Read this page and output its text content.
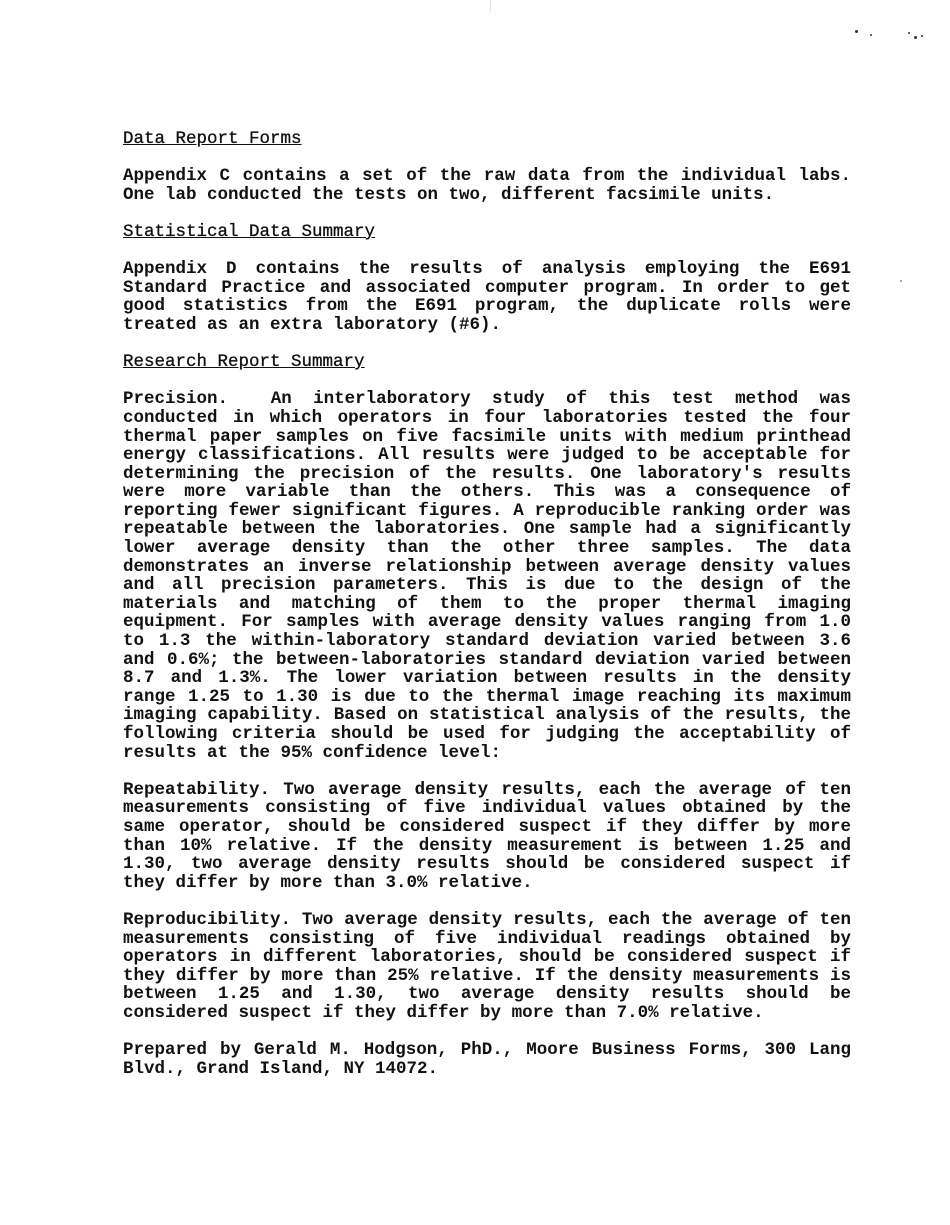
Data Report Forms
Appendix C contains a set of the raw data from the individual labs. One lab conducted the tests on two, different facsimile units.
Statistical Data Summary
Appendix D contains the results of analysis employing the E691 Standard Practice and associated computer program. In order to get good statistics from the E691 program, the duplicate rolls were treated as an extra laboratory (#6).
Research Report Summary
Precision.  An interlaboratory study of this test method was conducted in which operators in four laboratories tested the four thermal paper samples on five facsimile units with medium printhead energy classifications. All results were judged to be acceptable for determining the precision of the results. One laboratory's results were more variable than the others. This was a consequence of reporting fewer significant figures. A reproducible ranking order was repeatable between the laboratories. One sample had a significantly lower average density than the other three samples. The data demonstrates an inverse relationship between average density values and all precision parameters. This is due to the design of the materials and matching of them to the proper thermal imaging equipment. For samples with average density values ranging from 1.0 to 1.3 the within-laboratory standard deviation varied between 3.6 and 0.6%; the between-laboratories standard deviation varied between 8.7 and 1.3%. The lower variation between results in the density range 1.25 to 1.30 is due to the thermal image reaching its maximum imaging capability. Based on statistical analysis of the results, the following criteria should be used for judging the acceptability of results at the 95% confidence level:
Repeatability. Two average density results, each the average of ten measurements consisting of five individual values obtained by the same operator, should be considered suspect if they differ by more than 10% relative. If the density measurement is between 1.25 and 1.30, two average density results should be considered suspect if they differ by more than 3.0% relative.
Reproducibility. Two average density results, each the average of ten measurements consisting of five individual readings obtained by operators in different laboratories, should be considered suspect if they differ by more than 25% relative. If the density measurements is between 1.25 and 1.30, two average density results should be considered suspect if they differ by more than 7.0% relative.
Prepared by Gerald M. Hodgson, PhD., Moore Business Forms, 300 Lang Blvd., Grand Island, NY 14072.
